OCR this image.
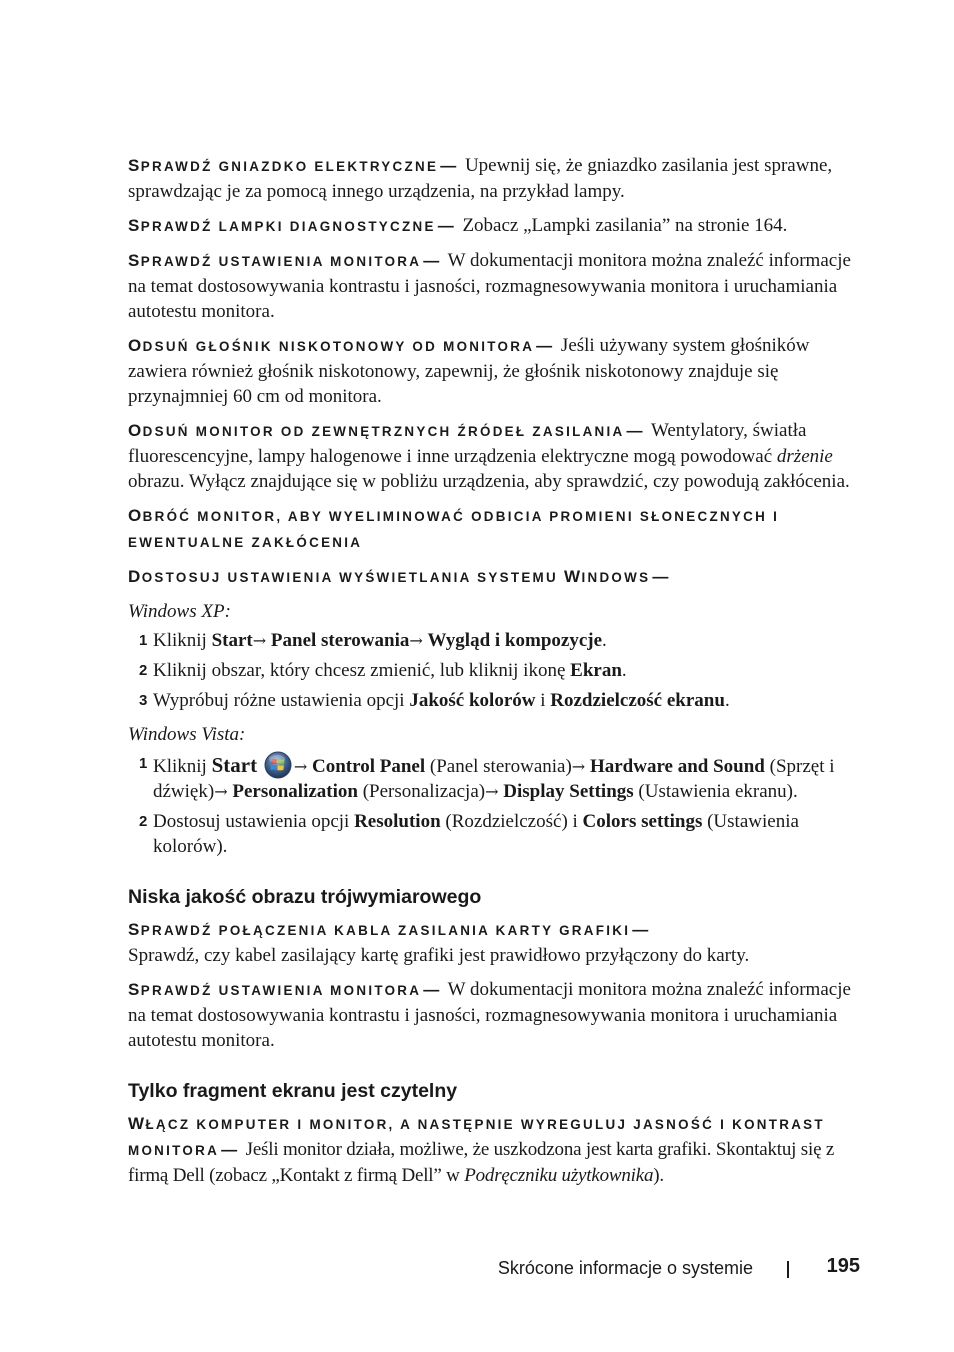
SPRAWDŹ GNIAZDKO ELEKTRYCZNE — Upewnij się, że gniazdko zasilania jest sprawne, sprawdzając je za pomocą innego urządzenia, na przykład lampy.

SPRAWDŹ LAMPKI DIAGNOSTYCZNE — Zobacz „Lampki zasilania” na stronie 164.

SPRAWDŹ USTAWIENIA MONITORA — W dokumentacji monitora można znaleźć informacje na temat dostosowywania kontrastu i jasności, rozmagnesowywania monitora i uruchamiania autotestu monitora.

ODSUŃ GŁOŚNIK NISKOTONOWY OD MONITORA — Jeśli używany system głośników zawiera również głośnik niskotonowy, zapewnij, że głośnik niskotonowy znajduje się przynajmniej 60 cm od monitora.

ODSUŃ MONITOR OD ZEWNĘTRZNYCH ŹRÓDEŁ ZASILANIA — Wentylatory, światła fluorescencyjne, lampy halogenowe i inne urządzenia elektryczne mogą powodować drżenie obrazu. Wyłącz znajdujące się w pobliżu urządzenia, aby sprawdzić, czy powodują zakłócenia.

OBRÓĆ MONITOR, ABY WYELIMINOWAĆ ODBICIA PROMIENI SŁONECZNYCH I EWENTUALNE ZAKŁÓCENIA

DOSTOSUJ USTAWIENIA WYŚWIETLANIA SYSTEMU WINDOWS —

Windows XP:

1 Kliknij Start→ Panel sterowania→ Wygląd i kompozycje.
2 Kliknij obszar, który chcesz zmienić, lub kliknij ikonę Ekran.
3 Wypróbuj różne ustawienia opcji Jakość kolorów i Rozdzielczość ekranu.

Windows Vista:

1 Kliknij Start → Control Panel (Panel sterowania)→ Hardware and Sound (Sprzęt i dźwięk)→ Personalization (Personalizacja)→ Display Settings (Ustawienia ekranu).
2 Dostosuj ustawienia opcji Resolution (Rozdzielczość) i Colors settings (Ustawienia kolorów).
Niska jakość obrazu trójwymiarowego

SPRAWDŹ POŁĄCZENIA KABLA ZASILANIA KARTY GRAFIKI —
Sprawdź, czy kabel zasilający kartę grafiki jest prawidłowo przyłączony do karty.

SPRAWDŹ USTAWIENIA MONITORA — W dokumentacji monitora można znaleźć informacje na temat dostosowywania kontrastu i jasności, rozmagnesowywania monitora i uruchamiania autotestu monitora.

Tylko fragment ekranu jest czytelny

WŁĄCZ KOMPUTER I MONITOR, A NASTĘPNIE WYREGULUJ JASNOŚĆ I KONTRAST MONITORA — Jeśli monitor działa, możliwe, że uszkodzona jest karta grafiki. Skontaktuj się z firmą Dell (zobacz „Kontakt z firmą Dell” w Podręczniku użytkownika).

Skrócone informacje o systemie	195
